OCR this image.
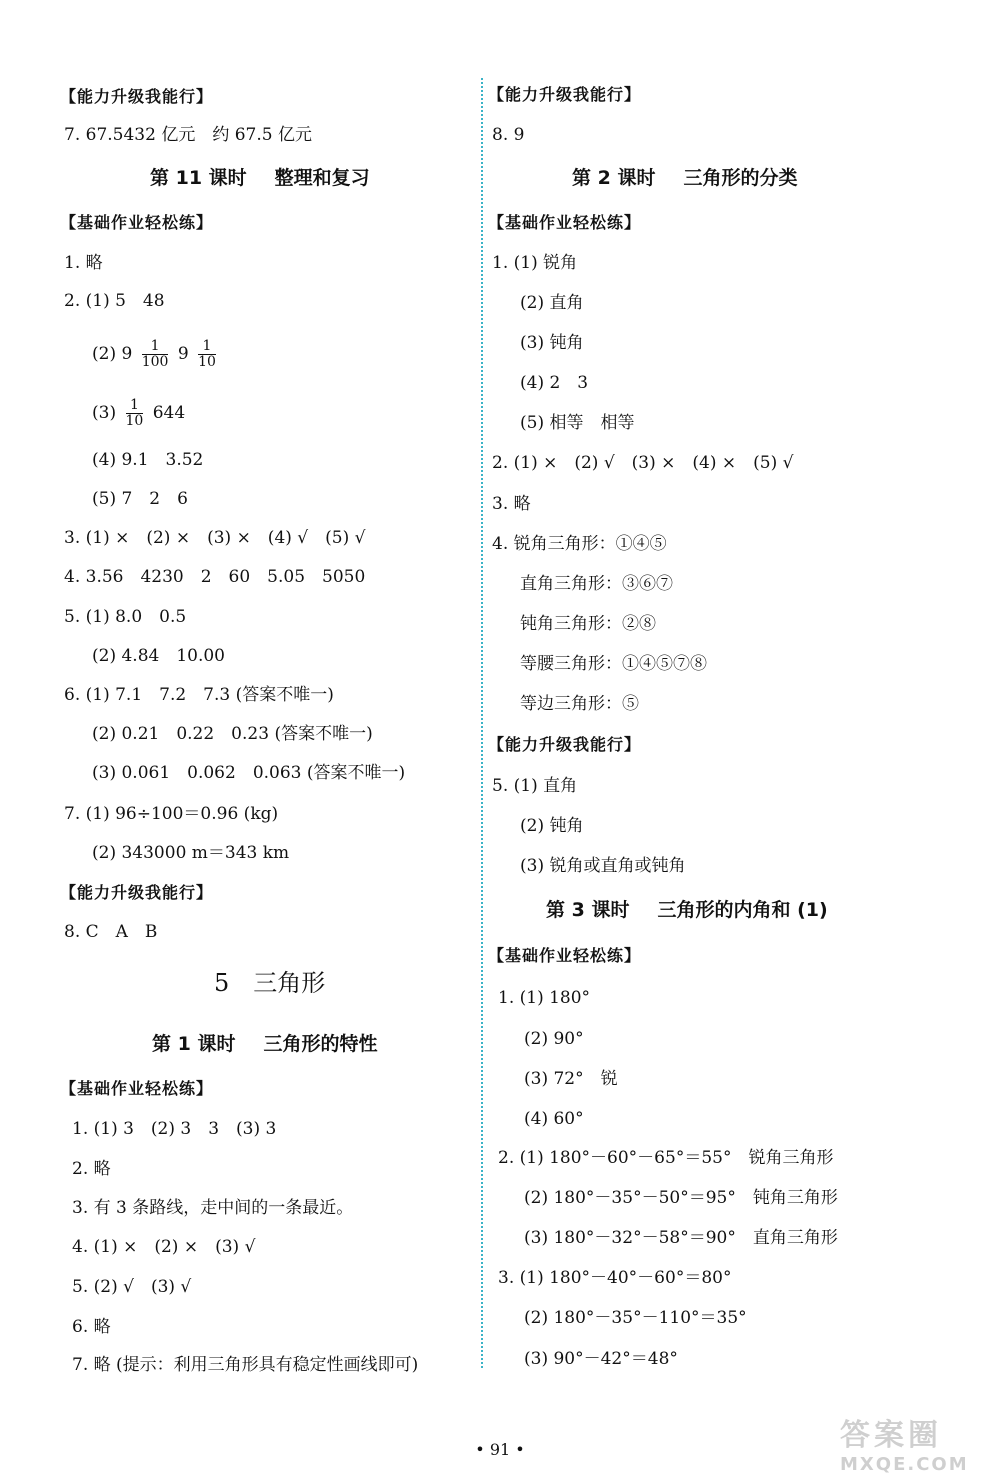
【能力升级我能行】
7. 67.5432 亿元　约 67.5 亿元
第 11 课时 整理和复习
【基础作业轻松练】
1. 略
2. (1) 5　48
(2) $9 \frac{1}{100} 9 \frac{1}{10}$
$(3) \frac{1}{10} 644$
(4) 9.1　3.52
(5) 7　2　6
3. (1) ×　(2) ×　(3) ×　(4) √　(5) √
4. 3.56　4230　2　60　5.05　5050
5. (1) 8.0　0.5
(2) 4.84　10.00
6. (1) 7.1　7.2　7.3 (答案不唯一)
(2) 0.21　0.22　0.23 (答案不唯一)
(3) 0.061　0.062　0.063 (答案不唯一)
7. (1) 96÷100＝0.96 (kg)
(2) 343000 m＝343 km
【能力升级我能行】
8. C　A　B
5　三角形
第 1 课时 三角形的特性
【基础作业轻松练】
1. (1) 3　(2) 3　3　(3) 3
2. 略
3. 有 3 条路线，走中间的一条最近。
4. (1) ×　(2) ×　(3) √
5. (2) √　(3) √
6. 略
7. 略 (提示：利用三角形具有稳定性画线即可)
【能力升级我能行】
8. 9
第 2 课时 三角形的分类
【基础作业轻松练】
1. (1) 锐角
(2) 直角
(3) 钝角
(4) 2　3
(5) 相等　相等
2. (1) ×　(2) √　(3) ×　(4) ×　(5) √
3. 略
4. 锐角三角形：①④⑤
直角三角形：③⑥⑦
钝角三角形：②⑧
等腰三角形：①④⑤⑦⑧
等边三角形：⑤
【能力升级我能行】
5. (1) 直角
(2) 钝角
(3) 锐角或直角或钝角
第 3 课时 三角形的内角和 (1)
【基础作业轻松练】
1. (1) 180°
(2) 90°
(3) 72°　锐
(4) 60°
2. (1) 180°－60°－65°＝55°　锐角三角形
(2) 180°－35°－50°＝95°　钝角三角形
(3) 180°－32°－58°＝90°　直角三角形
3. (1) 180°－40°－60°＝80°
(2) 180°－35°－110°＝35°
(3) 90°－42°＝48°
• 91 •	答案圈
MXQE.COM
